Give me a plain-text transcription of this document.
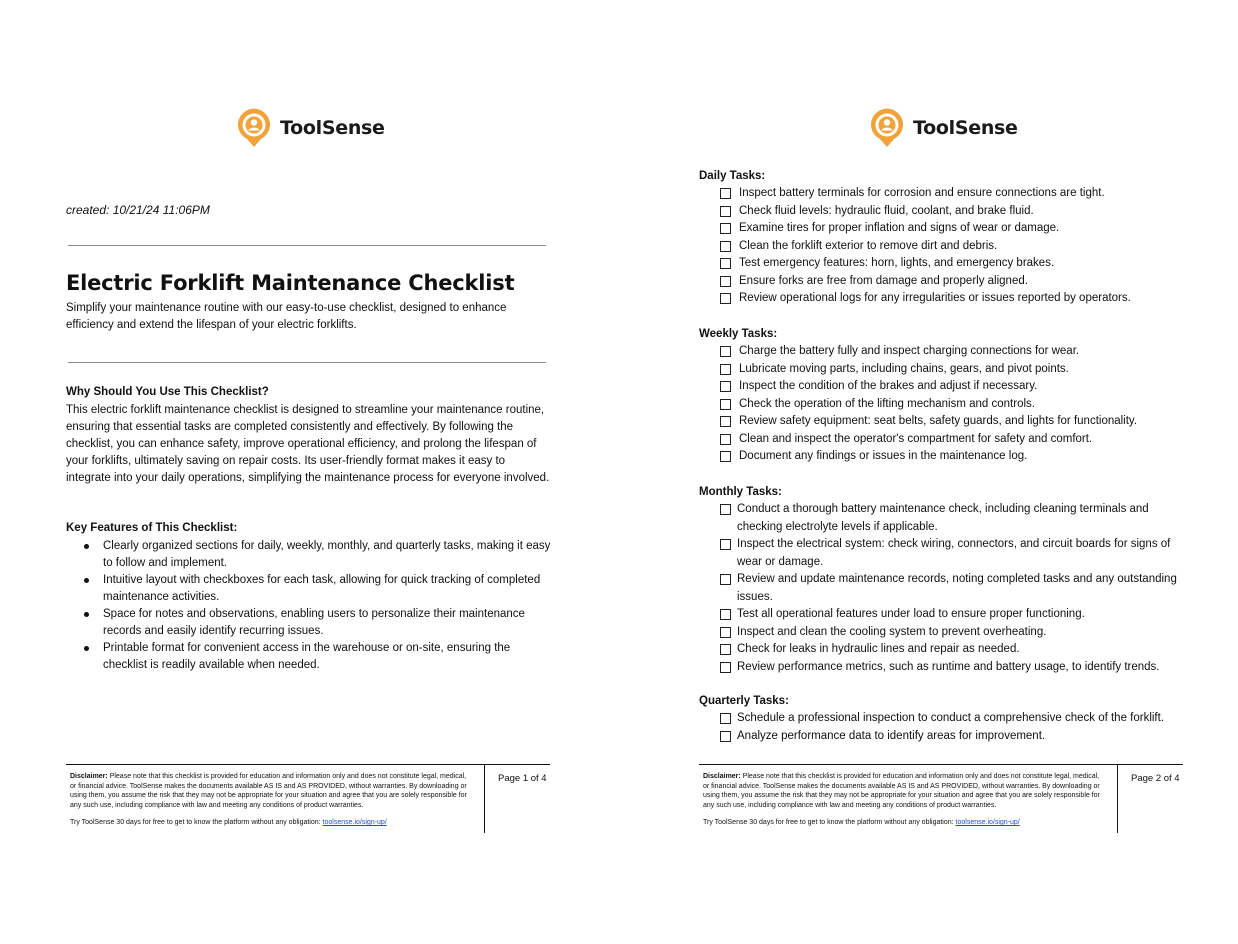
ToolSense
created: 10/21/24 11:06PM
Electric Forklift Maintenance Checklist
Simplify your maintenance routine with our easy-to-use checklist, designed to enhance efficiency and extend the lifespan of your electric forklifts.
Why Should You Use This Checklist?
This electric forklift maintenance checklist is designed to streamline your maintenance routine, ensuring that essential tasks are completed consistently and effectively. By following the checklist, you can enhance safety, improve operational efficiency, and prolong the lifespan of your forklifts, ultimately saving on repair costs. Its user-friendly format makes it easy to integrate into your daily operations, simplifying the maintenance process for everyone involved.
Key Features of This Checklist:
Clearly organized sections for daily, weekly, monthly, and quarterly tasks, making it easy to follow and implement.
Intuitive layout with checkboxes for each task, allowing for quick tracking of completed maintenance activities.
Space for notes and observations, enabling users to personalize their maintenance records and easily identify recurring issues.
Printable format for convenient access in the warehouse or on-site, ensuring the checklist is readily available when needed.
Disclaimer: Please note that this checklist is provided for education and information only and does not constitute legal, medical, or financial advice. ToolSense makes the documents available AS IS and AS PROVIDED, without warranties. By downloading or using them, you assume the risk that they may not be appropriate for your situation and agree that you are solely responsible for any such use, including compliance with law and meeting any conditions of product warranties.
Try ToolSense 30 days for free to get to know the platform without any obligation: toolsense.io/sign-up/
Page 1 of 4
ToolSense
Daily Tasks:
Inspect battery terminals for corrosion and ensure connections are tight.
Check fluid levels: hydraulic fluid, coolant, and brake fluid.
Examine tires for proper inflation and signs of wear or damage.
Clean the forklift exterior to remove dirt and debris.
Test emergency features: horn, lights, and emergency brakes.
Ensure forks are free from damage and properly aligned.
Review operational logs for any irregularities or issues reported by operators.
Weekly Tasks:
Charge the battery fully and inspect charging connections for wear.
Lubricate moving parts, including chains, gears, and pivot points.
Inspect the condition of the brakes and adjust if necessary.
Check the operation of the lifting mechanism and controls.
Review safety equipment: seat belts, safety guards, and lights for functionality.
Clean and inspect the operator's compartment for safety and comfort.
Document any findings or issues in the maintenance log.
Monthly Tasks:
Conduct a thorough battery maintenance check, including cleaning terminals and checking electrolyte levels if applicable.
Inspect the electrical system: check wiring, connectors, and circuit boards for signs of wear or damage.
Review and update maintenance records, noting completed tasks and any outstanding issues.
Test all operational features under load to ensure proper functioning.
Inspect and clean the cooling system to prevent overheating.
Check for leaks in hydraulic lines and repair as needed.
Review performance metrics, such as runtime and battery usage, to identify trends.
Quarterly Tasks:
Schedule a professional inspection to conduct a comprehensive check of the forklift.
Analyze performance data to identify areas for improvement.
Disclaimer: Please note that this checklist is provided for education and information only and does not constitute legal, medical, or financial advice. ToolSense makes the documents available AS IS and AS PROVIDED, without warranties. By downloading or using them, you assume the risk that they may not be appropriate for your situation and agree that you are solely responsible for any such use, including compliance with law and meeting any conditions of product warranties.
Try ToolSense 30 days for free to get to know the platform without any obligation: toolsense.io/sign-up/
Page 2 of 4
